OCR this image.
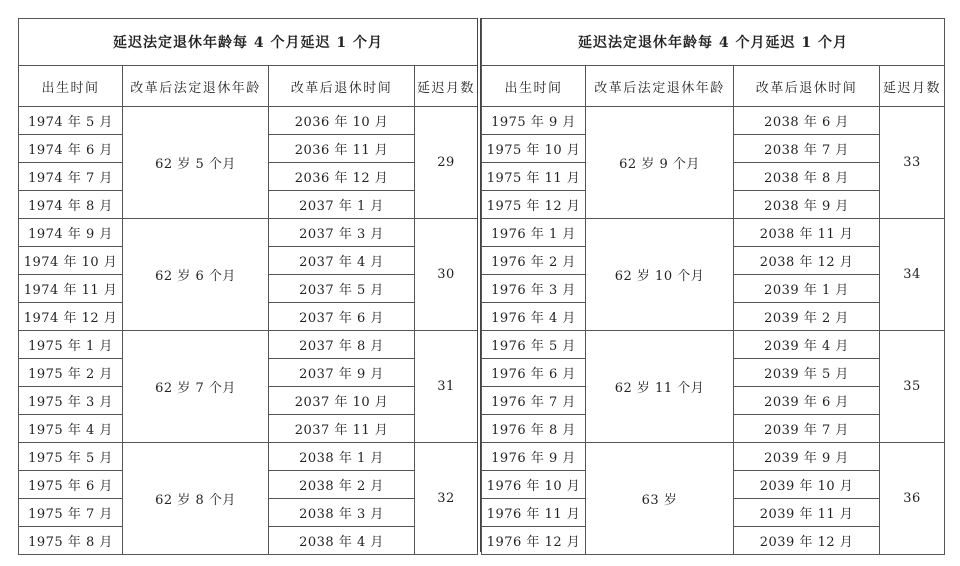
延迟法定退休年龄每 4 个月延迟 1 个月			
出生时间	改革后法定退休年龄	改革后退休时间	延迟月数
1974 年 5 月	62 岁 5 个月	2036 年 10 月	29
1974 年 6 月		2036 年 11 月	
1974 年 7 月		2036 年 12 月	
1974 年 8 月		2037 年 1 月	
1974 年 9 月	62 岁 6 个月	2037 年 3 月	30
1974 年 10 月		2037 年 4 月	
1974 年 11 月		2037 年 5 月	
1974 年 12 月		2037 年 6 月	
1975 年 1 月	62 岁 7 个月	2037 年 8 月	31
1975 年 2 月		2037 年 9 月	
1975 年 3 月		2037 年 10 月	
1975 年 4 月		2037 年 11 月	
1975 年 5 月	62 岁 8 个月	2038 年 1 月	32
1975 年 6 月		2038 年 2 月	
1975 年 7 月		2038 年 3 月	
1975 年 8 月		2038 年 4 月	
延迟法定退休年龄每 4 个月延迟 1 个月			
出生时间	改革后法定退休年龄	改革后退休时间	延迟月数
1975 年 9 月	62 岁 9 个月	2038 年 6 月	33
1975 年 10 月		2038 年 7 月	
1975 年 11 月		2038 年 8 月	
1975 年 12 月		2038 年 9 月	
1976 年 1 月	62 岁 10 个月	2038 年 11 月	34
1976 年 2 月		2038 年 12 月	
1976 年 3 月		2039 年 1 月	
1976 年 4 月		2039 年 2 月	
1976 年 5 月	62 岁 11 个月	2039 年 4 月	35
1976 年 6 月		2039 年 5 月	
1976 年 7 月		2039 年 6 月	
1976 年 8 月		2039 年 7 月	
1976 年 9 月	63 岁	2039 年 9 月	36
1976 年 10 月		2039 年 10 月	
1976 年 11 月		2039 年 11 月	
1976 年 12 月		2039 年 12 月	
